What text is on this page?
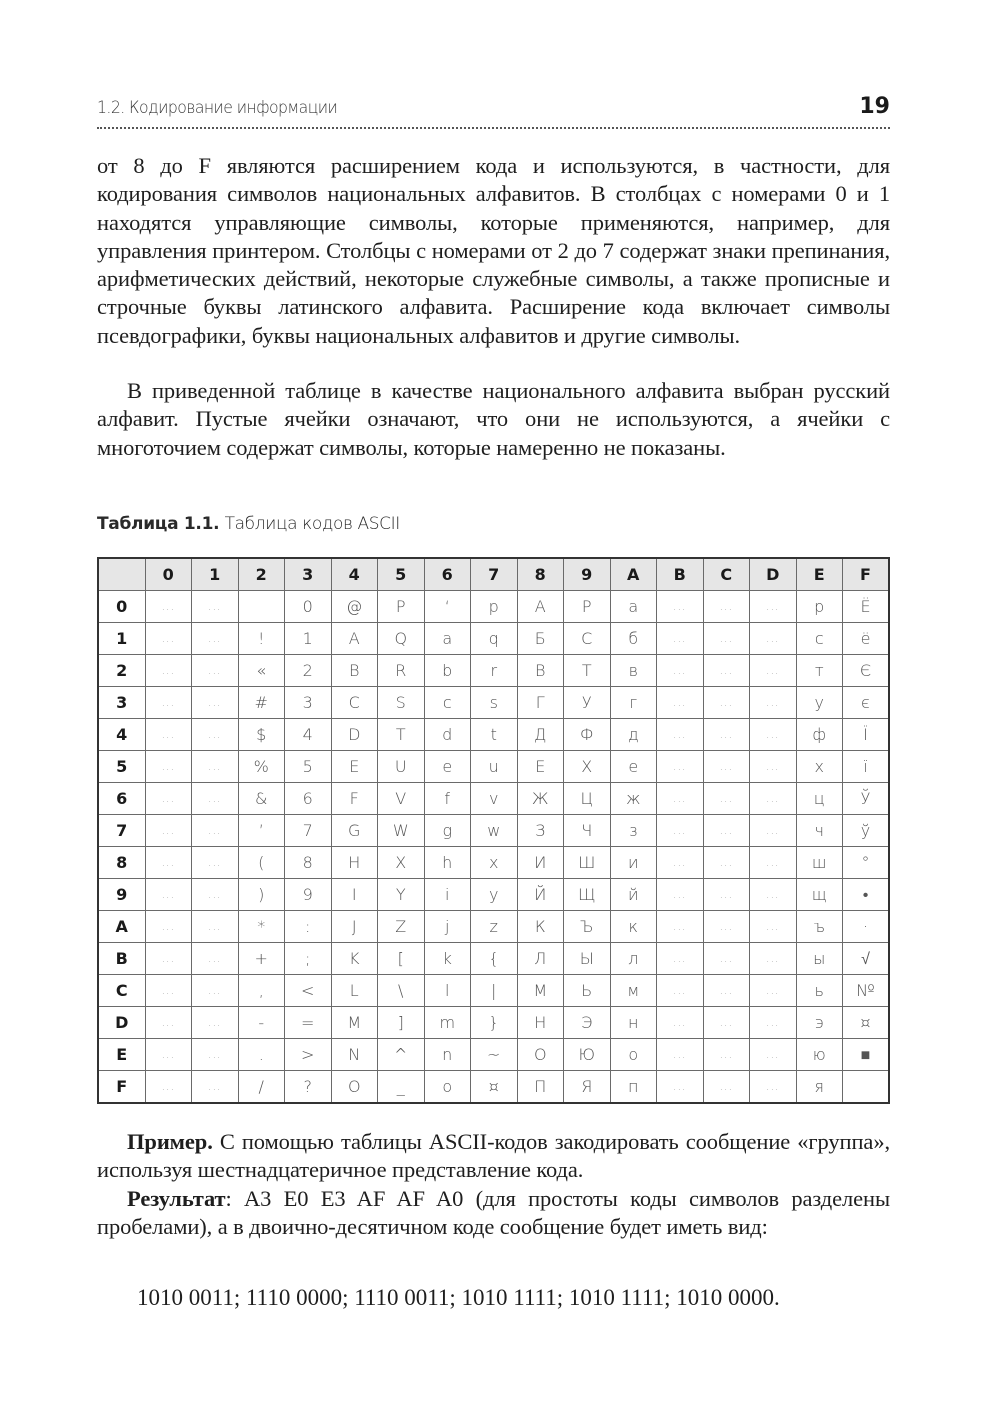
1.2. Кодирование информации	19

от 8 до F являются расширением кода и используются, в частности, для кодирования символов национальных алфавитов. В столбцах с номерами 0 и 1 находятся управляющие символы, которые применяются, например, для управления принтером. Столбцы с номерами от 2 до 7 содержат знаки препинания, арифметических действий, некоторые служебные символы, а также прописные и строчные буквы латинского алфавита. Расширение кода включает символы псевдографики, буквы национальных алфавитов и другие символы.

В приведенной таблице в качестве национального алфавита выбран русский алфавит. Пустые ячейки означают, что они не используются, а ячейки с многоточием содержат символы, которые намеренно не показаны.

Таблица 1.1. Таблица кодов ASCII
	0	1	2	3	4	5	6	7	8	9	A	B	C	D	E	F
0	...	...		0	@	P	‘	p	А	Р	а	...	...	...	р	Ё
1	...	...	!	1	A	Q	a	q	Б	С	б	...	...	...	с	ё
2	...	...	«	2	B	R	b	r	В	Т	в	...	...	...	т	Є
3	...	...	#	3	C	S	c	s	Г	У	г	...	...	...	у	є
4	...	...	$	4	D	T	d	t	Д	Ф	д	...	...	...	ф	Ї
5	...	...	%	5	E	U	e	u	Е	Х	е	...	...	...	х	ї
6	...	...	&	6	F	V	f	v	Ж	Ц	ж	...	...	...	ц	Ў
7	...	...	’	7	G	W	g	w	З	Ч	з	...	...	...	ч	ў
8	...	...	(	8	H	X	h	x	И	Ш	и	...	...	...	ш	°
9	...	...	)	9	I	Y	i	y	Й	Щ	й	...	...	...	щ	•
A	...	...	*	:	J	Z	j	z	К	Ъ	к	...	...	...	ъ	·
B	...	...	+	;	K	[	k	{	Л	Ы	л	...	...	...	ы	√
C	...	...	,	<	L	\	l	|	М	Ь	м	...	...	...	ь	№
D	...	...	-	=	M	]	m	}	Н	Э	н	...	...	...	э	¤
E	...	...	.	>	N	^	n	~	О	Ю	о	...	...	...	ю	■
F	...	...	/	?	O	_	o	¤	П	Я	п	...	...	...	я	

Пример. С помощью таблицы ASCII-кодов закодировать сообщение «группа», используя шестнадцатеричное представление кода.

Результат: A3 E0 E3 AF AF A0 (для простоты коды символов разделены пробелами), а в двоично-десятичном коде сообщение будет иметь вид:

1010 0011; 1110 0000; 1110 0011; 1010 1111; 1010 1111; 1010 0000.
